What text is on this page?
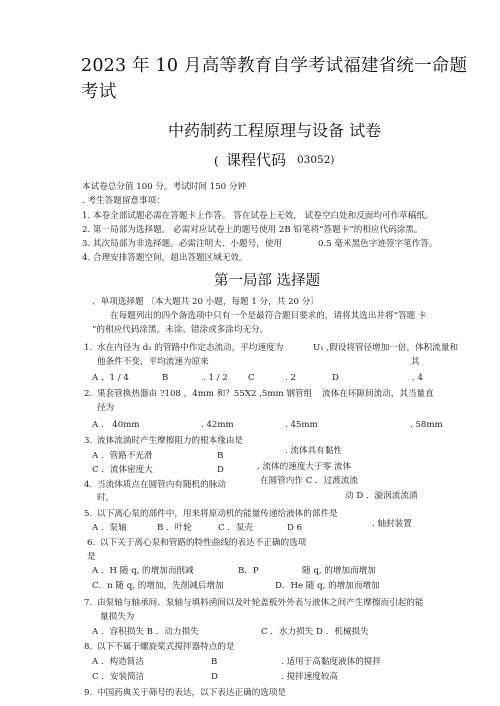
2023 年 10 月高等教育自学考试福建省统一命题
考试
中药制药工程原理与设备 试卷
( 课程代码 03052)
本试卷总分值 100 分。考试时间 150 分钟
. 考生答题留意事项：
1. 本卷全部试题必需在答题卡上作答。 答在试卷上无效， 试卷空白处和反面均可作草稿纸。
2. 第一局部为选择题。 必需对应试卷上的题号使用 2B 铅笔将“答题卡”的相应代码涂黑。
3. 其次局部为非选择题。必需注明大、小题号，使用	0.5 毫米黑色字迹签字笔作答。
4. 合理安排答题空间，超出答题区域无效。
第一局部 选择题
、单项选择题 〔本大题共 20 小题，每题 1 分，共 20 分〕
在每题列出的四个备选项中只有一个是最符合题目要求的，请将其选出并将“答题 卡
”的相应代码涂黑。未涂、错涂或多涂均无分。
1. 水在内径为 d₁ 的管路中作定态流动，平均速度为	U₁ ,假设将管径增加一倍，体积流量和
他条件不变，平均流速为原来	其
A 、1 / 4	B	. 1 / 2 C	. 2	D	. 4
2. 果套管换热器由 ?108 ，4mm 和？55X2 ,5mm 钢管组 流体在环隙间流动，其当量直
径为
A ． 40mm	. 42mm	. 45mm	. 58mm
3. 流体流淌时产生摩擦阻力的根本缘由是
A ．管路不光滑	B	. 流体具有黏性
C ．流体密度大	D	. 流体的速度大于零 流体
4. 当流体质点在圆管内有随机的脉动	在圆管内作 C ．过渡流流
时，	动 D ．漩涡流流淌
5. 以下离心泵的部件中，用来将原动机的能量传递给液体的部件是
A ．泵轴	B ．叶轮	C ．泵壳	D 6	. 轴封装置
6. 以下关于离心泵和管路的特性曲线的表达不正确的选项
是
A ．H 随 q, 的增加而削减	B．P	随 q, 的增加而增加
C．n 随 q, 的增加，先削减后增加	D．He 随 q, 的增加而增加
7. 由泵轴与轴承间、泵轴与填料函间以及叶轮盖板外外表与液体之间产生摩擦而引起的能
量损失为
A ．容积损失 B ．动力损失	C ．水力损失 D ．机械损失
8. 以下不属于螺旋桨式搅拌器特点的是
A ．构造简洁	B	. 适用于高黏度液体的搅拌
C ．安装简洁	D	. 搅拌速度较高
9. 中国药典关于筛号的表达，以下表达正确的选项是
